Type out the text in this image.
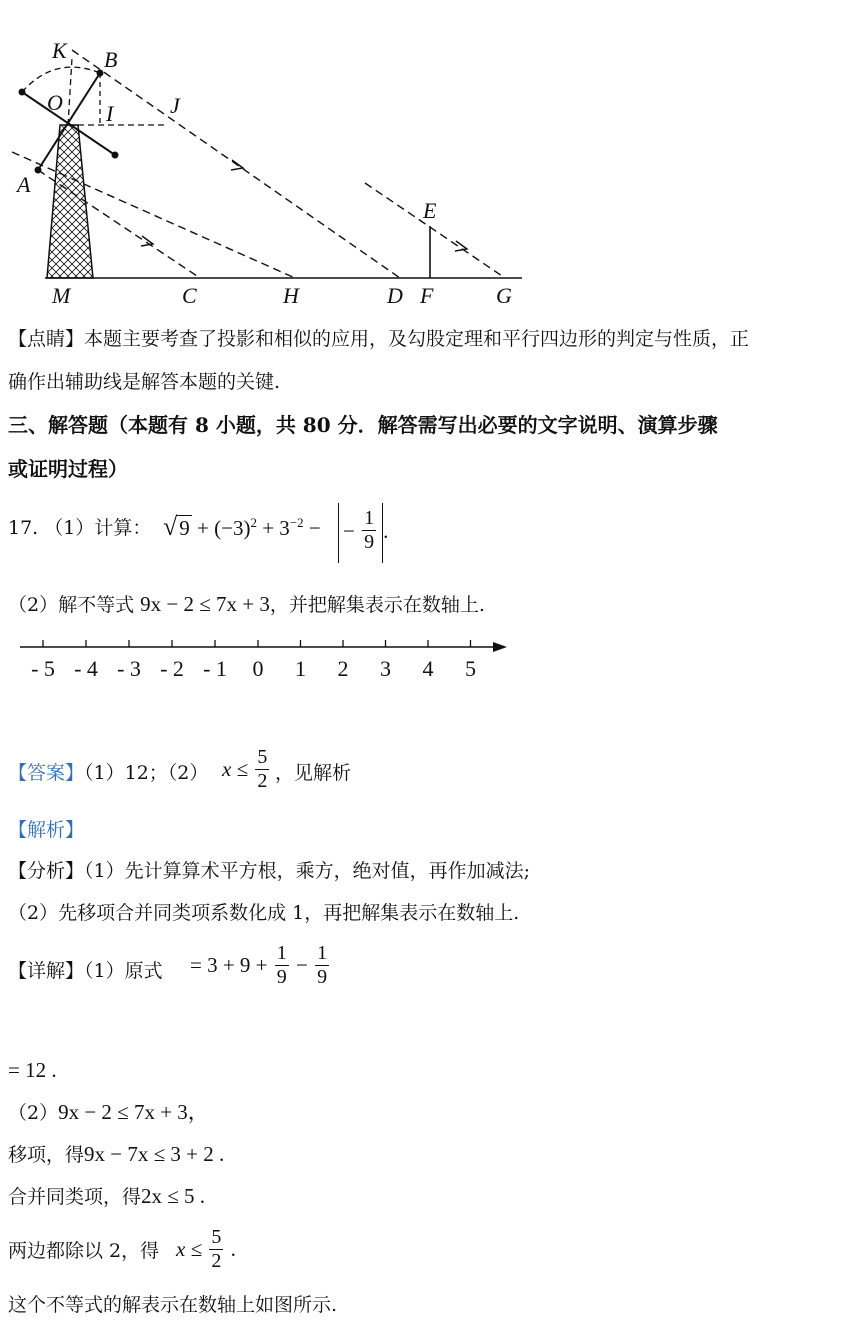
K B
O I	J
A
E
M	C	H	D F	G
【点睛】本题主要考查了投影和相似的应用，及勾股定理和平行四边形的判定与性质，正
确作出辅助线是解答本题的关键.
三、解答题（本题有 8 小题，共 80 分．解答需写出必要的文字说明、演算步骤
或证明过程）
17. （1）计算： $√9 + (-3)^2 + 3^{-2}$ − − $\frac{1}{9}$ .
（2）解不等式 9x − 2 ≤ 7x + 3，并把解集表示在数轴上.
- 5 - 4 - 3 - 2 - 1 0 1 2 3 4 5
【答案】（1）12；（2） $x \le \frac{5}{2}$ ，见解析
【解析】
【分析】（1）先计算算术平方根，乘方，绝对值，再作加减法;
（2）先移项合并同类项系数化成 1，再把解集表示在数轴上.
【详解】（1）原式 = $3 + 9 + \frac{1}{9} - \frac{1}{9}$
= 12 .
（2）9x − 2 ≤ 7x + 3，
移项，得9x − 7x ≤ 3 + 2 .
合并同类项，得2x ≤ 5 .
两边都除以 2，得 $x \le \frac{5}{2}$ .
这个不等式的解表示在数轴上如图所示.
